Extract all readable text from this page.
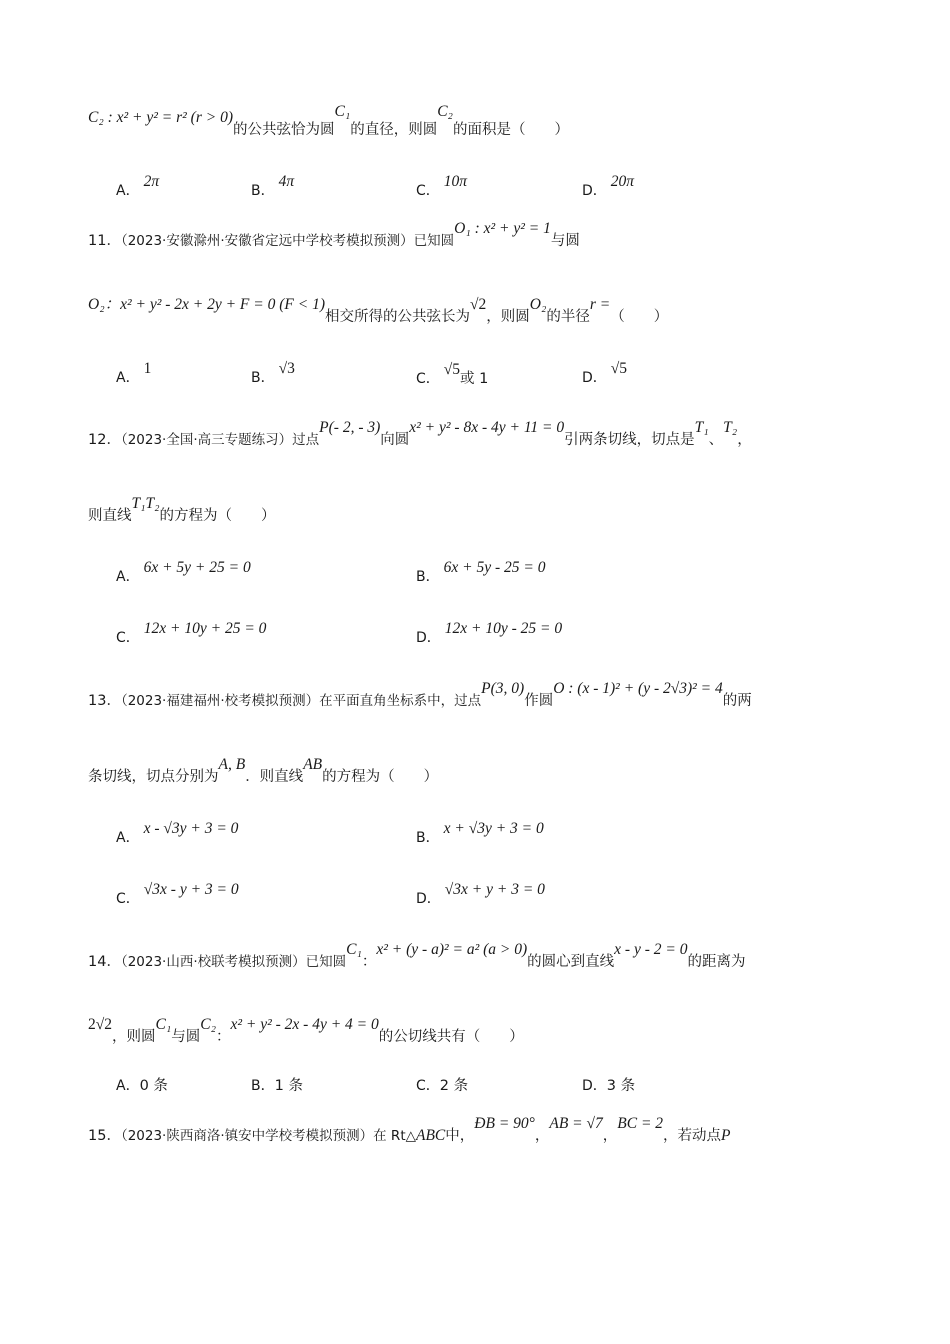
C₂ : x² + y² = r² (r > 0)的公共弦恰为圆C₁的直径，则圆C₂的面积是（　　）
A．2π
B．4π
C．10π
D．20π
11．（2023·安徽滁州·安徽省定远中学校考模拟预测）已知圆O₁ : x² + y² = 1与圆
O₂：x² + y² - 2x + 2y + F = 0 (F < 1)相交所得的公共弦长为√2，则圆O₂的半径r =（　　）
A．1
B．√3
C．√5或 1	D．√5
12．（2023·全国·高三专题练习）过点P(- 2, - 3)向圆x² + y² - 8x - 4y + 11 = 0引两条切线，切点是T₁、T₂，
则直线T₁T₂的方程为（　　）
A．6x + 5y + 25 = 0
B．6x + 5y - 25 = 0
C．12x + 10y + 25 = 0
D．12x + 10y - 25 = 0
13．（2023·福建福州·校考模拟预测）在平面直角坐标系中，过点P(3, 0)作圆O : (x - 1)² + (y - 2√3)² = 4的两
条切线，切点分别为A, B．则直线AB的方程为（　　）
A．x - √3y + 3 = 0
B．x + √3y + 3 = 0
C．√3x - y + 3 = 0
D．√3x + y + 3 = 0
14．（2023·山西·校联考模拟预测）已知圆C₁：x² + (y - a)² = a² (a > 0)的圆心到直线x - y - 2 = 0的距离为
2√2，则圆C₁与圆C₂：x² + y² - 2x - 4y + 4 = 0的公切线共有（　　）
A．0 条	B．1 条	C．2 条	D．3 条
15．（2023·陕西商洛·镇安中学校考模拟预测）在 Rt△ABC中，ÐB = 90°，AB = √7，BC = 2，若动点P
